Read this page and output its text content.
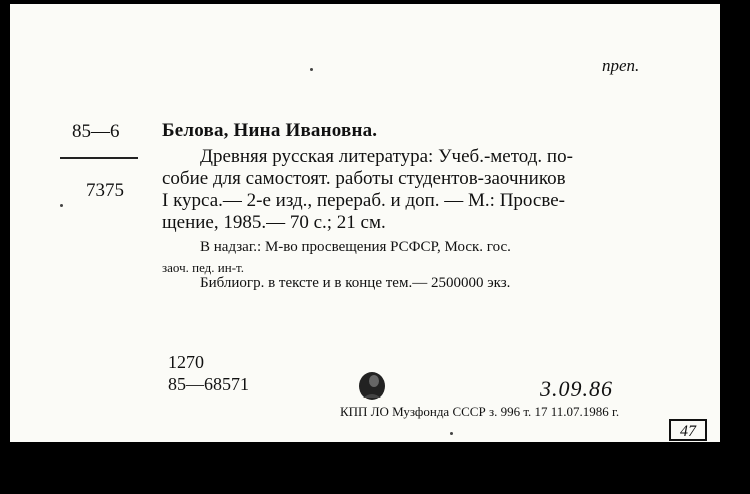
85—6
7375
преп.
Белова, Нина Ивановна.
Древняя русская литература: Учеб.-метод. по-
собие для самостоят. работы студентов-заочников
I курса.— 2-е изд., перераб. и доп. — М.: Просве-
щение, 1985.— 70 с.; 21 см.
В надзаг.: М-во просвещения РСФСР, Моск. гос.
заоч. пед. ин-т.
Библиогр. в тексте и в конце тем.— 2500000 экз.
1270
85—68571	3.09.86
КПП ЛО Музфонда СССР з. 996 т. 17 11.07.1986 г.
47
